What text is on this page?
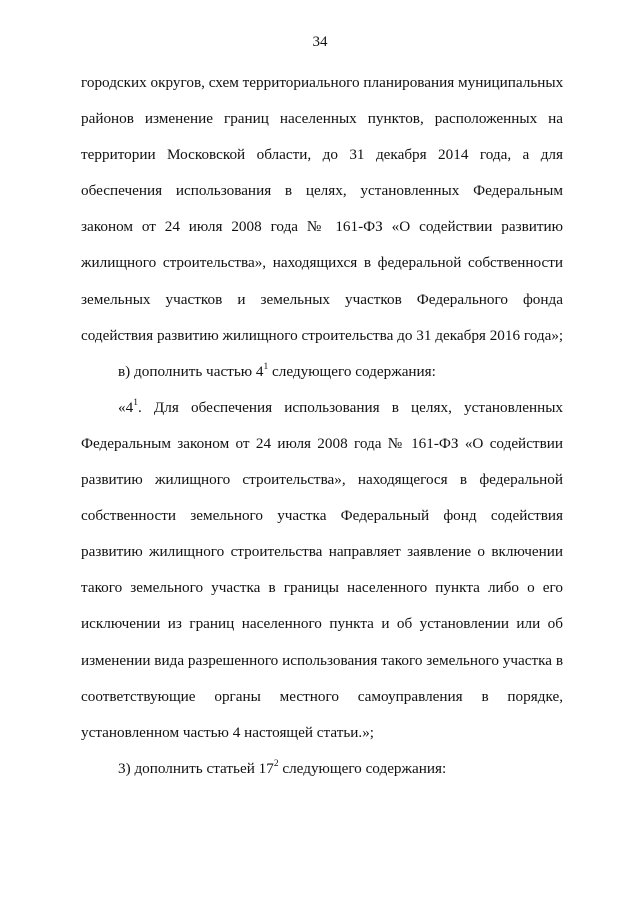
34
городских округов, схем территориального планирования муниципальных
районов изменение границ населенных пунктов, расположенных на
территории Московской области, до 31 декабря 2014 года, а для
обеспечения использования в целях, установленных Федеральным
законом от 24 июля 2008 года № 161-ФЗ «О содействии развитию
жилищного строительства», находящихся в федеральной собственности
земельных участков и земельных участков Федерального фонда
содействия развитию жилищного строительства до 31 декабря 2016 года»;
в) дополнить частью $4^1$ следующего содержания:
«$4^1$. Для обеспечения использования в целях, установленных
Федеральным законом от 24 июля 2008 года № 161-ФЗ «О содействии
развитию жилищного строительства», находящегося в федеральной
собственности земельного участка Федеральный фонд содействия
развитию жилищного строительства направляет заявление о включении
такого земельного участка в границы населенного пункта либо о его
исключении из границ населенного пункта и об установлении или об
изменении вида разрешенного использования такого земельного участка в
соответствующие органы местного самоуправления в порядке,
установленном частью 4 настоящей статьи.»;
3) дополнить статьей $17^2$ следующего содержания:
